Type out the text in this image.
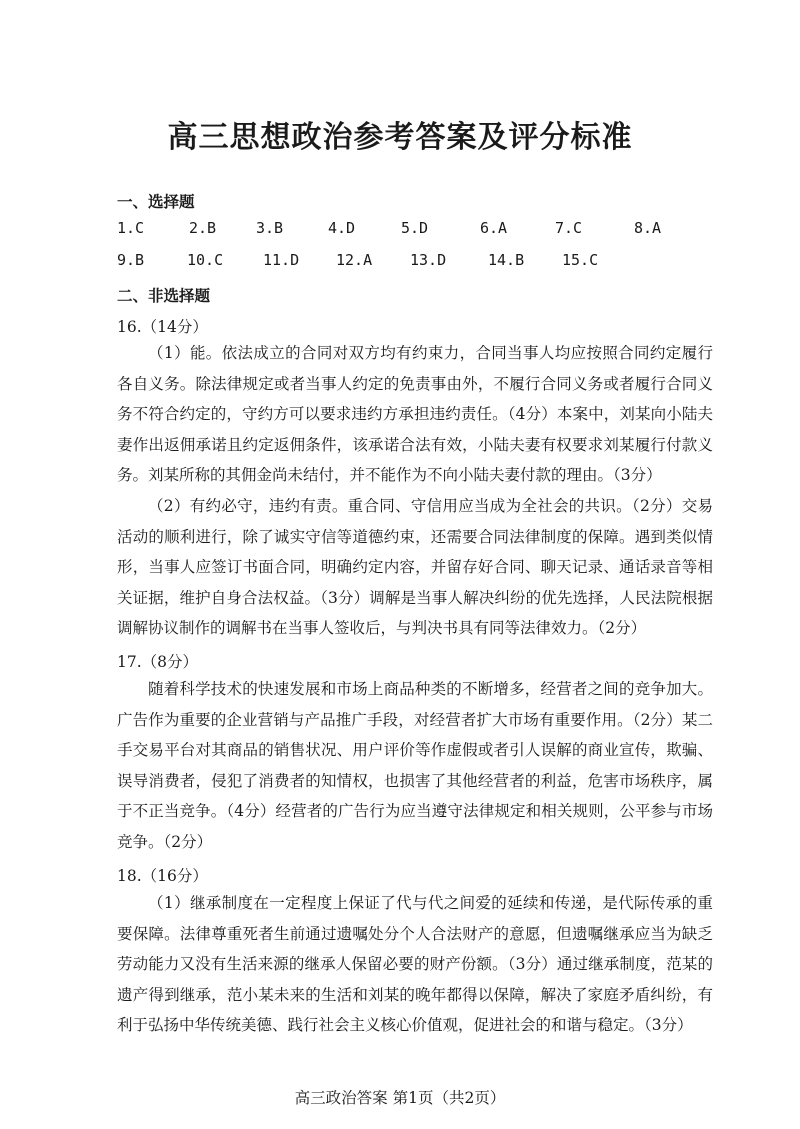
高三思想政治参考答案及评分标准
一、选择题
1.C	2.B	3.B	4.D	5.D	6.A	7.C	8.A
9.B	10.C	11.D 12.A	13.D	14.B	15.C
二、非选择题
16.（14分）

（1）能。依法成立的合同对双方均有约束力，合同当事人均应按照合同约定履行各自义务。除法律规定或者当事人约定的免责事由外，不履行合同义务或者履行合同义务不符合约定的，守约方可以要求违约方承担违约责任。（4分）本案中，刘某向小陆夫妻作出返佣承诺且约定返佣条件，该承诺合法有效，小陆夫妻有权要求刘某履行付款义务。刘某所称的其佣金尚未结付，并不能作为不向小陆夫妻付款的理由。（3分）

（2）有约必守，违约有责。重合同、守信用应当成为全社会的共识。（2分）交易活动的顺利进行，除了诚实守信等道德约束，还需要合同法律制度的保障。遇到类似情形，当事人应签订书面合同，明确约定内容，并留存好合同、聊天记录、通话录音等相关证据，维护自身合法权益。（3分）调解是当事人解决纠纷的优先选择，人民法院根据调解协议制作的调解书在当事人签收后，与判决书具有同等法律效力。（2分）

17.（8分）

随着科学技术的快速发展和市场上商品种类的不断增多，经营者之间的竞争加大。广告作为重要的企业营销与产品推广手段，对经营者扩大市场有重要作用。（2分）某二手交易平台对其商品的销售状况、用户评价等作虚假或者引人误解的商业宣传，欺骗、误导消费者，侵犯了消费者的知情权，也损害了其他经营者的利益，危害市场秩序，属于不正当竞争。（4分）经营者的广告行为应当遵守法律规定和相关规则，公平参与市场竞争。（2分）

18.（16分）

（1）继承制度在一定程度上保证了代与代之间爱的延续和传递，是代际传承的重要保障。法律尊重死者生前通过遗嘱处分个人合法财产的意愿，但遗嘱继承应当为缺乏劳动能力又没有生活来源的继承人保留必要的财产份额。（3分）通过继承制度，范某的遗产得到继承，范小某未来的生活和刘某的晚年都得以保障，解决了家庭矛盾纠纷，有利于弘扬中华传统美德、践行社会主义核心价值观，促进社会的和谐与稳定。（3分）

高三政治答案 第1页（共2页）
